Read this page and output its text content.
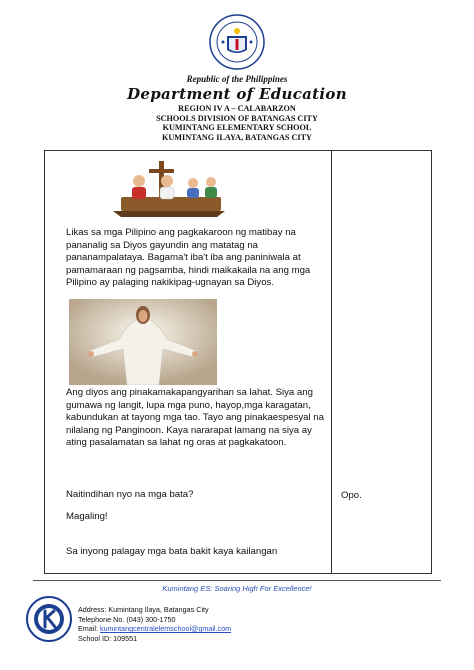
Republic of the Philippines
Department of Education
REGION IV A – CALABARZON
SCHOOLS DIVISION OF BATANGAS CITY
KUMINTANG ELEMENTARY SCHOOL
KUMINTANG ILAYA, BATANGAS CITY
Likas sa mga Pilipino ang pagkakaroon ng matibay na pananalig sa Diyos gayundin ang matatag na pananampalataya. Bagama't iba't iba ang paniniwala at pamamaraan ng pagsamba, hindi maikakaila na ang mga Pilipino ay palaging nakikipag-ugnayan sa Diyos.
Ang diyos ang pinakamakapangyarihan sa lahat. Siya ang gumawa ng langit, lupa mga puno, hayop,mga karagatan, kabundukan at tayong mga tao. Tayo ang pinakaespesyal na nilalang ng Panginoon. Kaya nararapat lamang na siya ay ating pasalamatan sa lahat ng oras at pagkakatoon.
Naitindihan nyo na mga bata?
Magaling!
Sa inyong palagay mga bata bakit kaya kailangan
Opo.
Kumintang ES: Soaring High For Excellence!
Address: Kumintang Ilaya, Batangas City
Telephone No. (043) 300-1750
Email: kumintangcentralelemschool@gmail.com
School ID: 109551
